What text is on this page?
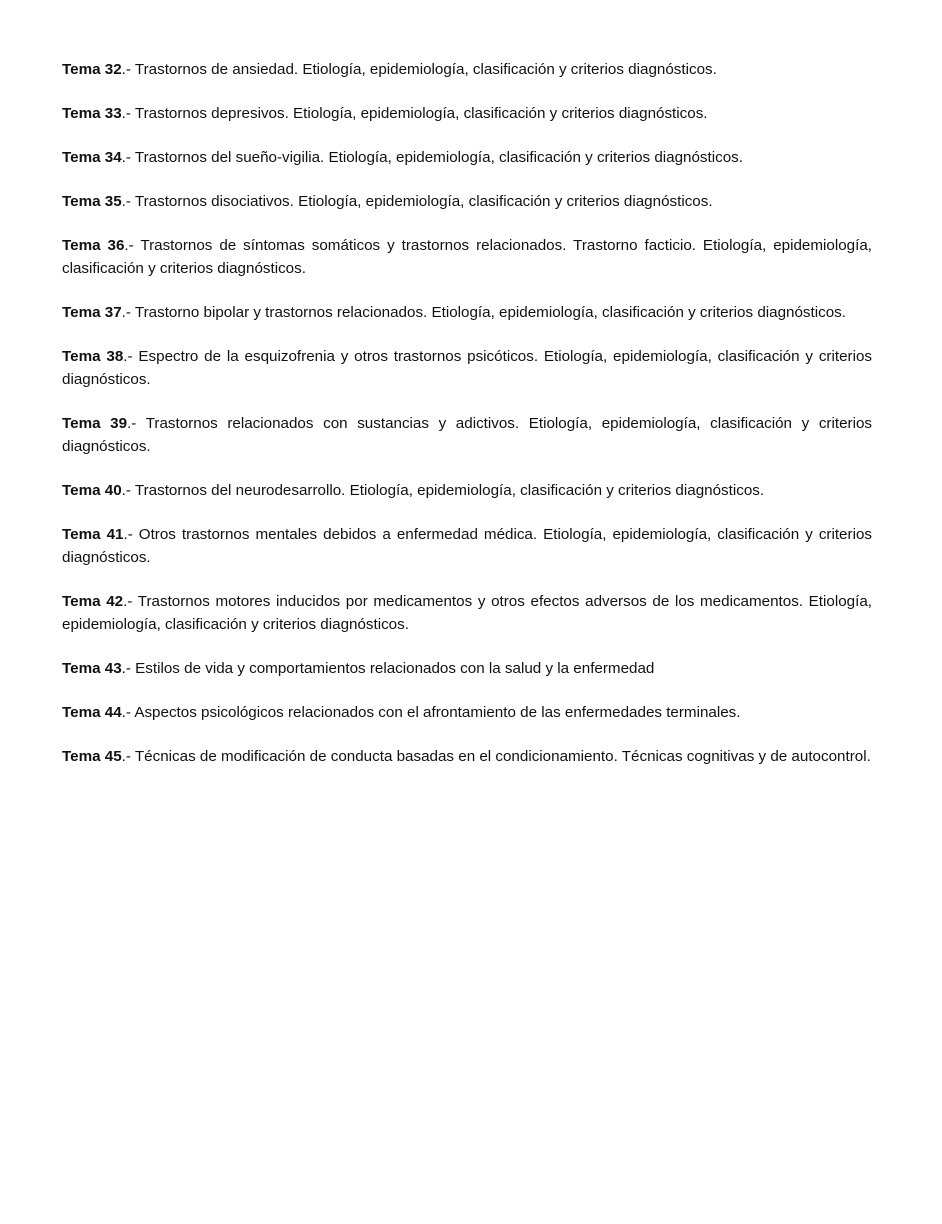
Tema 32.- Trastornos de ansiedad. Etiología, epidemiología, clasificación y criterios diagnósticos.

Tema 33.- Trastornos depresivos. Etiología, epidemiología, clasificación y criterios diagnósticos.

Tema 34.- Trastornos del sueño-vigilia. Etiología, epidemiología, clasificación y criterios diagnósticos.

Tema 35.- Trastornos disociativos. Etiología, epidemiología, clasificación y criterios diagnósticos.

Tema 36.- Trastornos de síntomas somáticos y trastornos relacionados. Trastorno facticio. Etiología, epidemiología, clasificación y criterios diagnósticos.

Tema 37.- Trastorno bipolar y trastornos relacionados. Etiología, epidemiología, clasificación y criterios diagnósticos.

Tema 38.- Espectro de la esquizofrenia y otros trastornos psicóticos. Etiología, epidemiología, clasificación y criterios diagnósticos.

Tema 39.- Trastornos relacionados con sustancias y adictivos. Etiología, epidemiología, clasificación y criterios diagnósticos.

Tema 40.- Trastornos del neurodesarrollo. Etiología, epidemiología, clasificación y criterios diagnósticos.

Tema 41.- Otros trastornos mentales debidos a enfermedad médica. Etiología, epidemiología, clasificación y criterios diagnósticos.

Tema 42.- Trastornos motores inducidos por medicamentos y otros efectos adversos de los medicamentos. Etiología, epidemiología, clasificación y criterios diagnósticos.

Tema 43.- Estilos de vida y comportamientos relacionados con la salud y la enfermedad

Tema 44.- Aspectos psicológicos relacionados con el afrontamiento de las enfermedades terminales.

Tema 45.- Técnicas de modificación de conducta basadas en el condicionamiento. Técnicas cognitivas y de autocontrol.
